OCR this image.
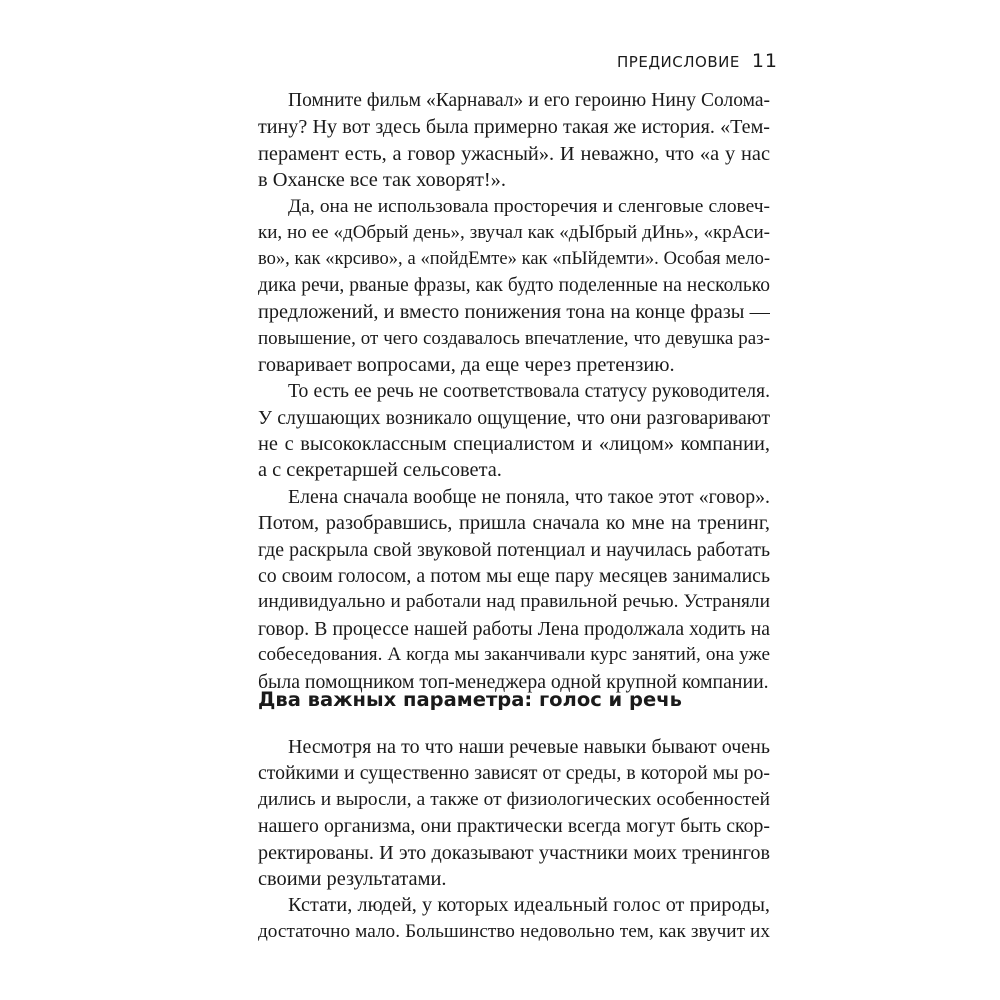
ПРЕДИСЛОВИЕ 11
Помните фильм «Карнавал» и его героиню Нину Солома-
тину? Ну вот здесь была примерно такая же история. «Тем-
перамент есть, а говор ужасный». И неважно, что «а у нас
в Оханске все так ховорят!».
Да, она не использовала просторечия и сленговые словеч-
ки, но ее «дОбрый день», звучал как «дЫбрый дИнь», «крАси-
во», как «крсиво», а «пойдЕмте» как «пЫйдемти». Особая мело-
дика речи, рваные фразы, как будто поделенные на несколько
предложений, и вместо понижения тона на конце фразы —
повышение, от чего создавалось впечатление, что девушка раз-
говаривает вопросами, да еще через претензию.
То есть ее речь не соответствовала статусу руководителя.
У слушающих возникало ощущение, что они разговаривают
не с высококлассным специалистом и «лицом» компании,
а с секретаршей сельсовета.
Елена сначала вообще не поняла, что такое этот «говор».
Потом, разобравшись, пришла сначала ко мне на тренинг,
где раскрыла свой звуковой потенциал и научилась работать
со своим голосом, а потом мы еще пару месяцев занимались
индивидуально и работали над правильной речью. Устраняли
говор. В процессе нашей работы Лена продолжала ходить на
собеседования. А когда мы заканчивали курс занятий, она уже
была помощником топ-менеджера одной крупной компании.
Два важных параметра: голос и речь
Несмотря на то что наши речевые навыки бывают очень
стойкими и существенно зависят от среды, в которой мы ро-
дились и выросли, а также от физиологических особенностей
нашего организма, они практически всегда могут быть скор-
ректированы. И это доказывают участники моих тренингов
своими результатами.
Кстати, людей, у которых идеальный голос от природы,
достаточно мало. Большинство недовольно тем, как звучит их
